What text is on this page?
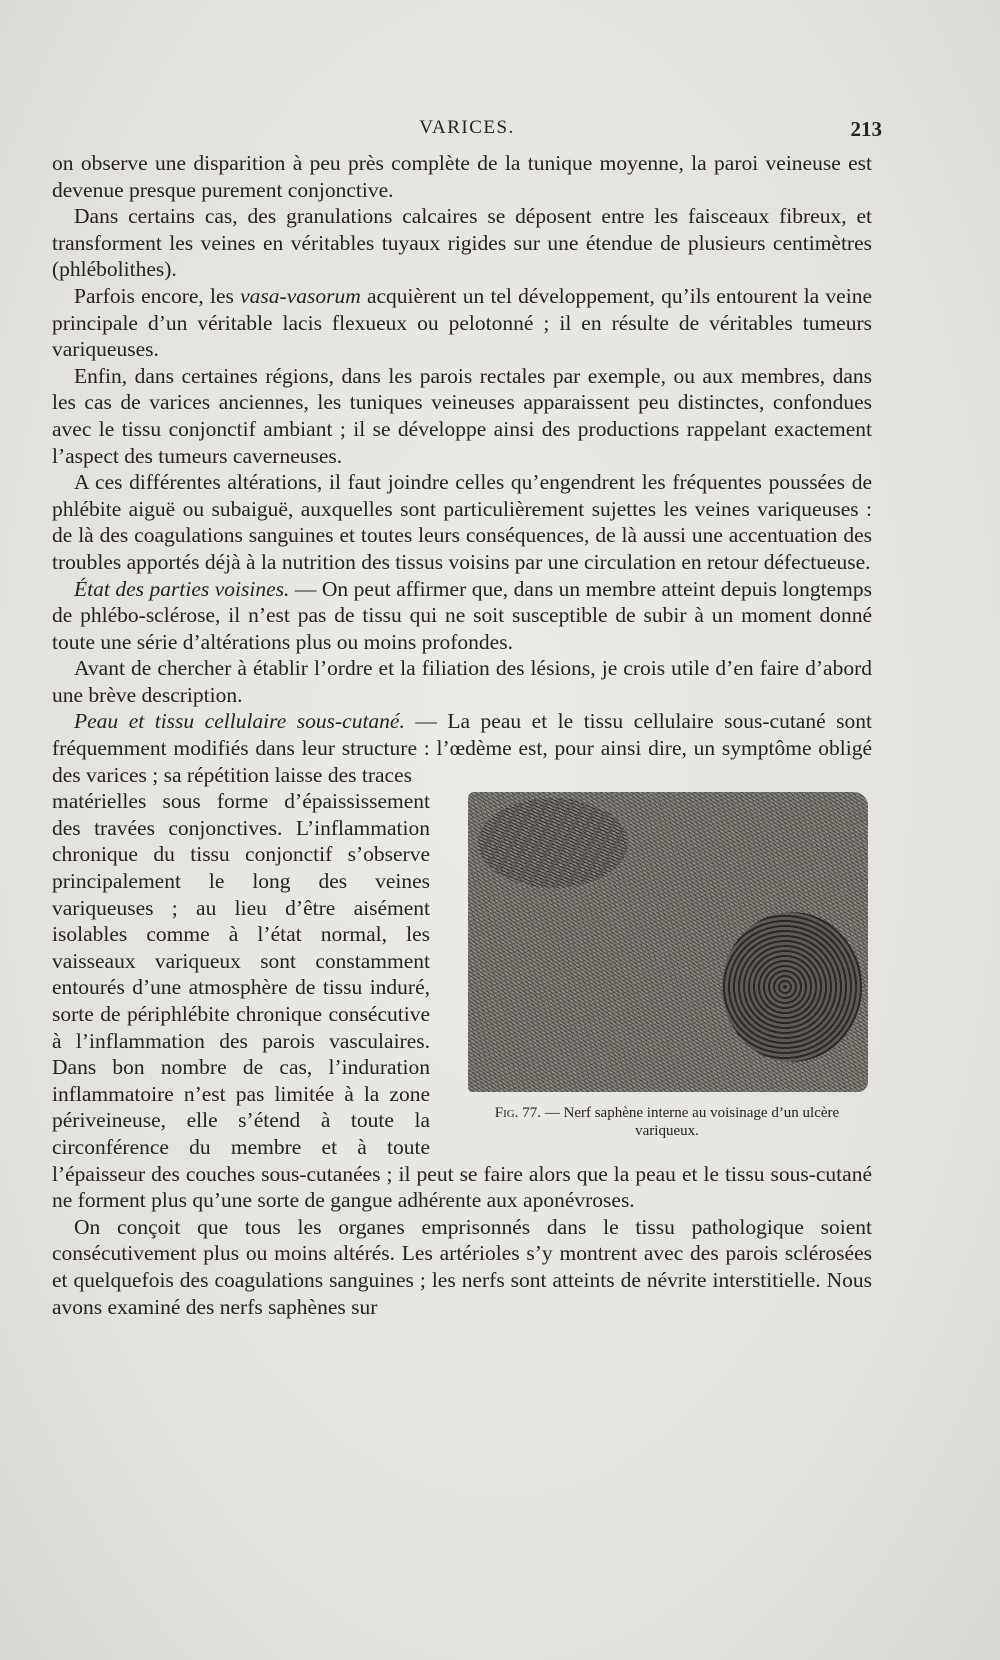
VARICES.	213

on observe une disparition à peu près complète de la tunique moyenne, la paroi veineuse est devenue presque purement conjonctive.

Dans certains cas, des granulations calcaires se déposent entre les faisceaux fibreux, et transforment les veines en véritables tuyaux rigides sur une étendue de plusieurs centimètres (phlébolithes).

Parfois encore, les vasa-vasorum acquièrent un tel développement, qu’ils entourent la veine principale d’un véritable lacis flexueux ou pelotonné ; il en résulte de véritables tumeurs variqueuses.

Enfin, dans certaines régions, dans les parois rectales par exemple, ou aux membres, dans les cas de varices anciennes, les tuniques veineuses apparaissent peu distinctes, confondues avec le tissu conjonctif ambiant ; il se développe ainsi des productions rappelant exactement l’aspect des tumeurs caverneuses.

A ces différentes altérations, il faut joindre celles qu’engendrent les fréquentes poussées de phlébite aiguë ou subaiguë, auxquelles sont particulièrement sujettes les veines variqueuses : de là des coagulations sanguines et toutes leurs conséquences, de là aussi une accentuation des troubles apportés déjà à la nutrition des tissus voisins par une circulation en retour défectueuse.

État des parties voisines. — On peut affirmer que, dans un membre atteint depuis longtemps de phlébo-sclérose, il n’est pas de tissu qui ne soit susceptible de subir à un moment donné toute une série d’altérations plus ou moins profondes.

Avant de chercher à établir l’ordre et la filiation des lésions, je crois utile d’en faire d’abord une brève description.

Peau et tissu cellulaire sous-cutané. — La peau et le tissu cellulaire sous-cutané sont fréquemment modifiés dans leur structure : l’œdème est, pour ainsi dire, un symptôme obligé des varices ; sa répétition laisse des traces

Fig. 77. — Nerf saphène interne au voisinage d’un ulcère variqueux.

matérielles sous forme d’épaississement des travées conjonctives. L’inflammation chronique du tissu conjonctif s’observe principalement le long des veines variqueuses ; au lieu d’être aisément isolables comme à l’état normal, les vaisseaux variqueux sont constamment entourés d’une atmosphère de tissu induré, sorte de périphlébite chronique consécutive à l’inflammation des parois vasculaires. Dans bon nombre de cas, l’induration inflammatoire n’est pas limitée à la zone périveineuse, elle s’étend à toute la circonférence du membre et à toute l’épaisseur des couches sous-cutanées ; il peut se faire alors que la peau et le tissu sous-cutané ne forment plus qu’une sorte de gangue adhérente aux aponévroses.

On conçoit que tous les organes emprisonnés dans le tissu pathologique soient consécutivement plus ou moins altérés. Les artérioles s’y montrent avec des parois sclérosées et quelquefois des coagulations sanguines ; les nerfs sont atteints de névrite interstitielle. Nous avons examiné des nerfs saphènes sur
